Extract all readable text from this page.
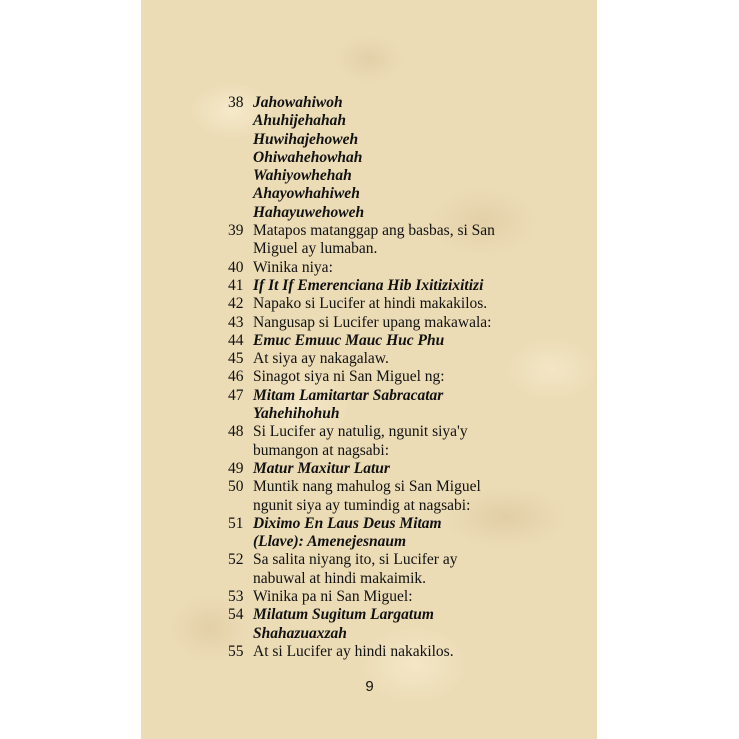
38 Jahowahiwoh
Ahuhijehahah
Huwihajehoweh
Ohiwahehowhah
Wahiyowhehah
Ahayowhahiweh
Hahayuwehoweh
39 Matapos matanggap ang basbas, si San
Miguel ay lumaban.
40 Winika niya:
41 If It If Emerenciana Hib Ixitizixitizi
42 Napako si Lucifer at hindi makakilos.
43 Nangusap si Lucifer upang makawala:
44 Emuc Emuuc Mauc Huc Phu
45 At siya ay nakagalaw.
46 Sinagot siya ni San Miguel ng:
47 Mitam Lamitartar Sabracatar
Yahehihohuh
48 Si Lucifer ay natulig, ngunit siya'y
bumangon at nagsabi:
49 Matur Maxitur Latur
50 Muntik nang mahulog si San Miguel
ngunit siya ay tumindig at nagsabi:
51 Diximo En Laus Deus Mitam
(Llave): Amenejesnaum
52 Sa salita niyang ito, si Lucifer ay
nabuwal at hindi makaimik.
53 Winika pa ni San Miguel:
54 Milatum Sugitum Largatum
Shahazuaxzah
55 At si Lucifer ay hindi nakakilos.
9
